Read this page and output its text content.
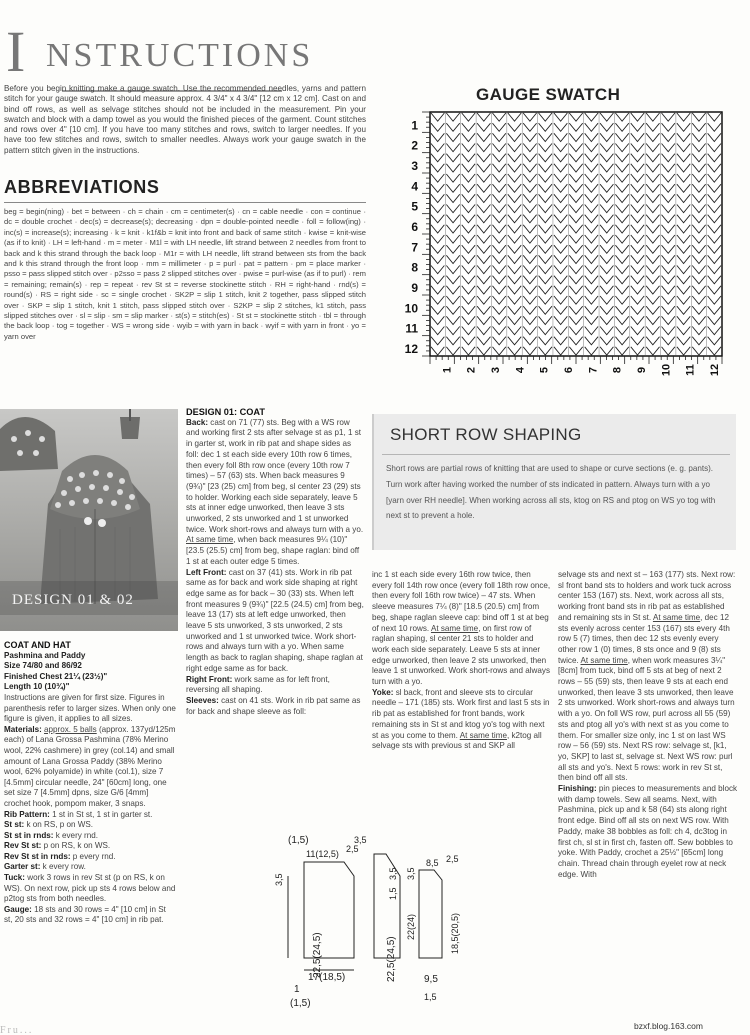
I NSTRUCTIONS
Before you begin knitting make a gauge swatch. Use the recommended needles, yarns and pattern stitch for your gauge swatch. It should measure approx. 4 3/4" x 4 3/4" [12 cm x 12 cm]. Cast on and bind off rows, as well as selvage stitches should not be included in the measurement. Pin your swatch and block with a damp towel as you would the finished pieces of the garment. Count stitches and rows over 4" [10 cm]. If you have too many stitches and rows, switch to larger needles. If you have too few stitches and rows, switch to smaller needles. Always work your gauge swatch in the pattern stitch given in the instructions.
ABBREVIATIONS
beg = begin(ning) · bet = between · ch = chain · cm = centimeter(s) · cn = cable needle · con = continue · dc = double crochet · dec(s) = decrease(s); decreasing · dpn = double-pointed needle · foll = follow(ing) · inc(s) = increase(s); increasing · k = knit · k1f&b = knit into front and back of same stitch · kwise = knit-wise (as if to knit) · LH = left-hand · m = meter · M1l = with LH needle, lift strand between 2 needles from front to back and k this strand through the back loop · M1r = with LH needle, lift strand between sts from the back and k this strand through the front loop · mm = millimeter · p = purl · pat = pattern · pm = place marker · psso = pass slipped stitch over · p2sso = pass 2 slipped stitches over · pwise = purl-wise (as if to purl) · rem = remaining; remain(s) · rep = repeat · rev St st = reverse stockinette stitch · RH = right-hand · rnd(s) = round(s) · RS = right side · sc = single crochet · SK2P = slip 1 stitch, knit 2 together, pass slipped stitch over · SKP = slip 1 stitch, knit 1 stitch, pass slipped stitch over · S2KP = slip 2 stitches, k1 stitch, pass slipped stitches over · sl = slip · sm = slip marker · st(s) = stitch(es) · St st = stockinette stitch · tbl = through the back loop · tog = together · WS = wrong side · wyib = with yarn in back · wyif = with yarn in front · yo = yarn over
GAUGE SWATCH
1
2
3
4
5
6
7
8
9
10
11
12
1 2 3 4 5 6 7 8 9 10 11 12
DESIGN 01 & 02

COAT AND HAT

Pashmina and Paddy

Size 74/80 and 86/92

Finished Chest 21¼ (23½)"

Length 10 (10¾)"

Instructions are given for first size. Figures in parenthesis refer to larger sizes. When only one figure is given, it applies to all sizes.

Materials: approx. 5 balls (approx. 137yd/125m each) of Lana Grossa Pashmina (78% Merino wool, 22% cashmere) in grey (col.14) and small amount of Lana Grossa Paddy (38% Merino wool, 62% polyamide) in white (col.1), size 7 [4.5mm] circular needle, 24" [60cm] long, one set size 7 [4.5mm] dpns, size G/6 [4mm] crochet hook, pompom maker, 3 snaps.

Rib Pattern: 1 st in St st, 1 st in garter st.

St st: k on RS, p on WS.

St st in rnds: k every rnd.

Rev St st: p on RS, k on WS.

Rev St st in rnds: p every rnd.

Garter st: k every row.

Tuck: work 3 rows in rev St st (p on RS, k on WS). On next row, pick up sts 4 rows below and p2tog sts from both needles.

Gauge: 18 sts and 30 rows = 4" [10 cm] in St st, 20 sts and 32 rows = 4" [10 cm] in rib pat.

DESIGN 01: COAT

Back: cast on 71 (77) sts. Beg with a WS row and working first 2 sts after selvage st as p1, 1 st in garter st, work in rib pat and shape sides as foll: dec 1 st each side every 10th row 6 times, then every foll 8th row once (every 10th row 7 times) – 57 (63) sts. When back measures 9 (9¾)" [23 (25) cm] from beg, sl center 23 (29) sts to holder. Working each side separately, leave 5 sts at inner edge unworked, then leave 3 sts unworked, 2 sts unworked and 1 st unworked twice. Work short-rows and always turn with a yo. At same time, when back measures 9¼ (10)" [23.5 (25.5) cm] from beg, shape raglan: bind off 1 st at each outer edge 5 times.

Left Front: cast on 37 (41) sts. Work in rib pat same as for back and work side shaping at right edge same as for back – 30 (33) sts. When left front measures 9 (9¾)" [22.5 (24.5) cm] from beg, leave 13 (17) sts at left edge unworked, then leave 5 sts unworked, 3 sts unworked, 2 sts unworked and 1 st unworked twice. Work short-rows and always turn with a yo. When same length as back to raglan shaping, shape raglan at right edge same as for back.

Right Front: work same as for left front, reversing all shaping.

Sleeves: cast on 41 sts. Work in rib pat same as for back and shape sleeve as foll:

SHORT ROW SHAPING
Short rows are partial rows of knitting that are used to shape or curve sections (e. g. pants). Turn work after having worked the number of sts indicated in pattern. Always turn with a yo [yarn over RH needle]. When working across all sts, ktog on RS and ptog on WS yo tog with next st to prevent a hole.

inc 1 st each side every 16th row twice, then every foll 14th row once (every foll 18th row once, then every foll 16th row twice) – 47 sts. When sleeve measures 7¼ (8)" [18.5 (20.5) cm] from beg, shape raglan sleeve cap: bind off 1 st at beg of next 10 rows. At same time, on first row of raglan shaping, sl center 21 sts to holder and work each side separately. Leave 5 sts at inner edge unworked, then leave 2 sts unworked, then leave 1 st unworked. Work short-rows and always turn with a yo.

Yoke: sl back, front and sleeve sts to circular needle – 171 (185) sts. Work first and last 5 sts in rib pat as established for front bands, work remaining sts in St st and ktog yo's tog with next st as you come to them. At same time, k2tog all selvage sts with previous st and SKP all

selvage sts and next st – 163 (177) sts. Next row: sl front band sts to holders and work tuck across center 153 (167) sts. Next, work across all sts, working front band sts in rib pat as established and remaining sts in St st. At same time, dec 12 sts evenly across center 153 (167) sts every 4th row 5 (7) times, then dec 12 sts evenly every other row 1 (0) times, 8 sts once and 9 (8) sts twice. At same time, when work measures 3¼" [8cm] from tuck, bind off 5 sts at beg of next 2 rows – 55 (59) sts, then leave 9 sts at each end unworked, then leave 3 sts unworked, then leave 2 sts unworked. Work short-rows and always turn with a yo. On foll WS row, purl across all 55 (59) sts and ptog all yo's with next st as you come to them. For smaller size only, inc 1 st on last WS row – 56 (59) sts. Next RS row: selvage st, [k1, yo, SKP] to last st, selvage st. Next WS row: purl all sts and yo's. Next 5 rows: work in rev St st, then bind off all sts.

Finishing: pin pieces to measurements and block with damp towels. Sew all seams. Next, with Pashmina, pick up and k 58 (64) sts along right front edge. Bind off all sts on next WS row. With Paddy, make 38 bobbles as foll: ch 4, dc3tog in first ch, sl st in first ch, fasten off. Sew bobbles to yoke. With Paddy, crochet a 25½" [65cm] long chain. Thread chain through eyelet row at neck edge. With

(1,5)
11(12,5) 2,5
3,5
3,5
22,5(24,5)
17(18,5)
1
(1,5)
22,5(24,5)
1,5
3,5
8,5 2,5
3,5
22(24)	18,5(20,5)
9,5
1,5
Fru...	bzxf.blog.163.com
